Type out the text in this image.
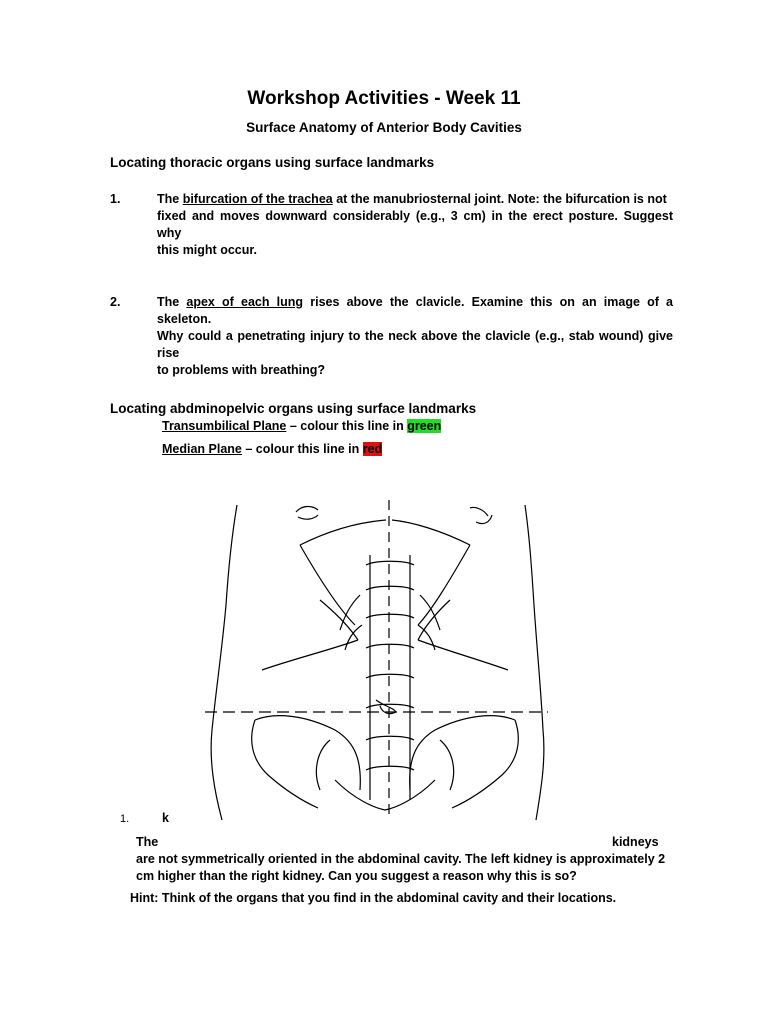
Workshop Activities - Week 11
Surface Anatomy of Anterior Body Cavities
Locating thoracic organs using surface landmarks
1.	The bifurcation of the trachea at the manubriosternal joint. Note: the bifurcation is not
fixed and moves downward considerably (e.g., 3 cm) in the erect posture. Suggest why
this might occur.
2.	The apex of each lung rises above the clavicle. Examine this on an image of a skeleton.
Why could a penetrating injury to the neck above the clavicle (e.g., stab wound) give rise
to problems with breathing?
Locating abdminopelvic organs using surface landmarks
Transumbilical Plane – colour this line in green
Median Plane – colour this line in red
1.	k
The	kidneys
are not symmetrically oriented in the abdominal cavity. The left kidney is approximately 2
cm higher than the right kidney. Can you suggest a reason why this is so?
Hint: Think of the organs that you find in the abdominal cavity and their locations.
